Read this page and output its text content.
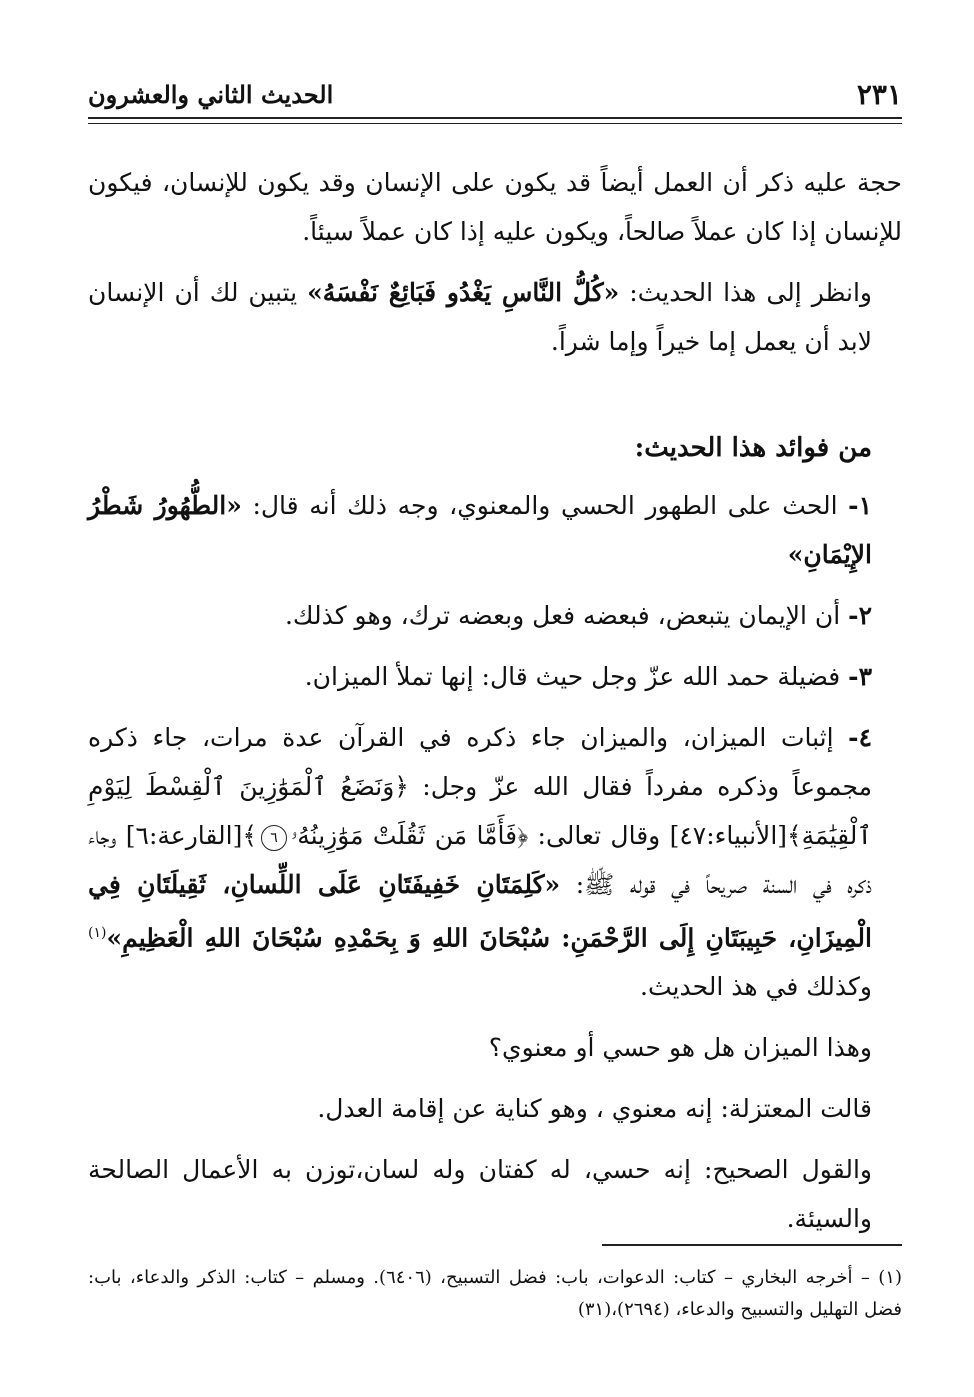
٢٣١
الحديث الثاني والعشرون

حجة عليه ذكر أن العمل أيضاً قد يكون على الإنسان وقد يكون للإنسان، فيكون للإنسان إذا كان عملاً صالحاً، ويكون عليه إذا كان عملاً سيئاً.

وانظر إلى هذا الحديث: «كُلُّ النَّاسِ يَغْدُو فَبَائِعٌ نَفْسَهُ» يتبين لك أن الإنسان لابد أن يعمل إما خيراً وإما شراً.

من فوائد هذا الحديث:

١- الحث على الطهور الحسي والمعنوي، وجه ذلك أنه قال: «الطُّهُورُ شَطْرُ الإِيْمَانِ»

٢- أن الإيمان يتبعض، فبعضه فعل وبعضه ترك، وهو كذلك.

٣- فضيلة حمد الله عزّ وجل حيث قال: إنها تملأ الميزان.

٤- إثبات الميزان، والميزان جاء ذكره في القرآن عدة مرات، جاء ذكره مجموعاً وذكره مفرداً فقال الله عزّ وجل: ﴿وَنَضَعُ ٱلْمَوَٰزِينَ ٱلْقِسْطَ لِيَوْمِ ٱلْقِيَٰمَةِ﴾[الأنبياء:٤٧] وقال تعالى: ﴿فَأَمَّا مَن ثَقُلَتْ مَوَٰزِينُهُۥ٦﴾[القارعة:٦] وجاء ذكره في السنة صريحاً في قوله ﷺ: «كَلِمَتَانِ خَفِيفَتَانِ عَلَى اللِّسانِ، ثَقِيلَتَانِ فِي الْمِيزَانِ، حَبِيبَتَانِ إِلَى الرَّحْمَنِ: سُبْحَانَ اللهِ وَ بِحَمْدِهِ سُبْحَانَ اللهِ الْعَظِيمِ»$^{(١)}$ وكذلك في هذ الحديث.

وهذا الميزان هل هو حسي أو معنوي؟

قالت المعتزلة: إنه معنوي ، وهو كناية عن إقامة العدل.

والقول الصحيح: إنه حسي، له كفتان وله لسان،توزن به الأعمال الصالحة والسيئة.

(١) – أخرجه البخاري – كتاب: الدعوات، باب: فضل التسبيح، (٦٤٠٦). ومسلم – كتاب: الذكر والدعاء، باب: فضل التهليل والتسبيح والدعاء، (٢٦٩٤)،(٣١)
